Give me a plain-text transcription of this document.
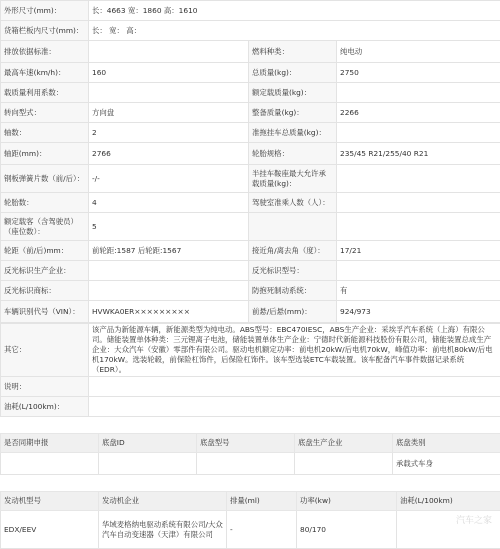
外形尺寸(mm)：	长：4663 宽：1860 高：1610		
货箱栏板内尺寸(mm)：	长： 宽： 高：		
排放依据标准：		燃料种类：	纯电动
最高车速(km/h)：	160	总质量(kg)：	2750
载质量利用系数：		额定载质量(kg)：	
转向型式：	方向盘	整备质量(kg)：	2266
轴数：	2	准拖挂车总质量(kg)：	
轴距(mm)：	2766	轮胎规格：	235/45 R21/255/40 R21
钢板弹簧片数（前/后）：	-/-	半挂车鞍座最大允许承载质量(kg)：	
轮胎数：	4	驾驶室准乘人数（人）：	
额定载客（含驾驶员）（座位数）：	5		
轮距（前/后)mm：	前轮距:1587 后轮距:1567	接近角/离去角（度）：	17/21
反光标识生产企业：		反光标识型号：	
反光标识商标：		防抱死制动系统：	有
车辆识别代号（VIN）：	HVWKA0ER×××××××××	前悬/后悬(mm)：	924/973
其它：	该产品为新能源车辆，新能源类型为纯电动。ABS型号：EBC470IESC，ABS生产企业：采埃孚汽车系统（上海）有限公司。储能装置单体种类：三元锂离子电池，储能装置单体生产企业：宁德时代新能源科技股份有限公司，储能装置总成生产企业：大众汽车（安徽）零部件有限公司。驱动电机额定功率：前电机20kW/后电机70kW，峰值功率：前电机80kW/后电机170kW。选装轮毂，前保险杠饰件，后保险杠饰件。该车型选装ETC车载装置。该车配备汽车事件数据记录系统（EDR）。
说明：	
油耗(L/100km)：	
是否同期申报	底盘ID	底盘型号	底盘生产企业	底盘类别
				承载式车身
发动机型号	发动机企业	排量(ml)	功率(kw)	油耗(L/100km)
EDX/EEV	华域麦格纳电驱动系统有限公司/大众汽车自动变速器（天津）有限公司	-	80/170	
汽车之家
